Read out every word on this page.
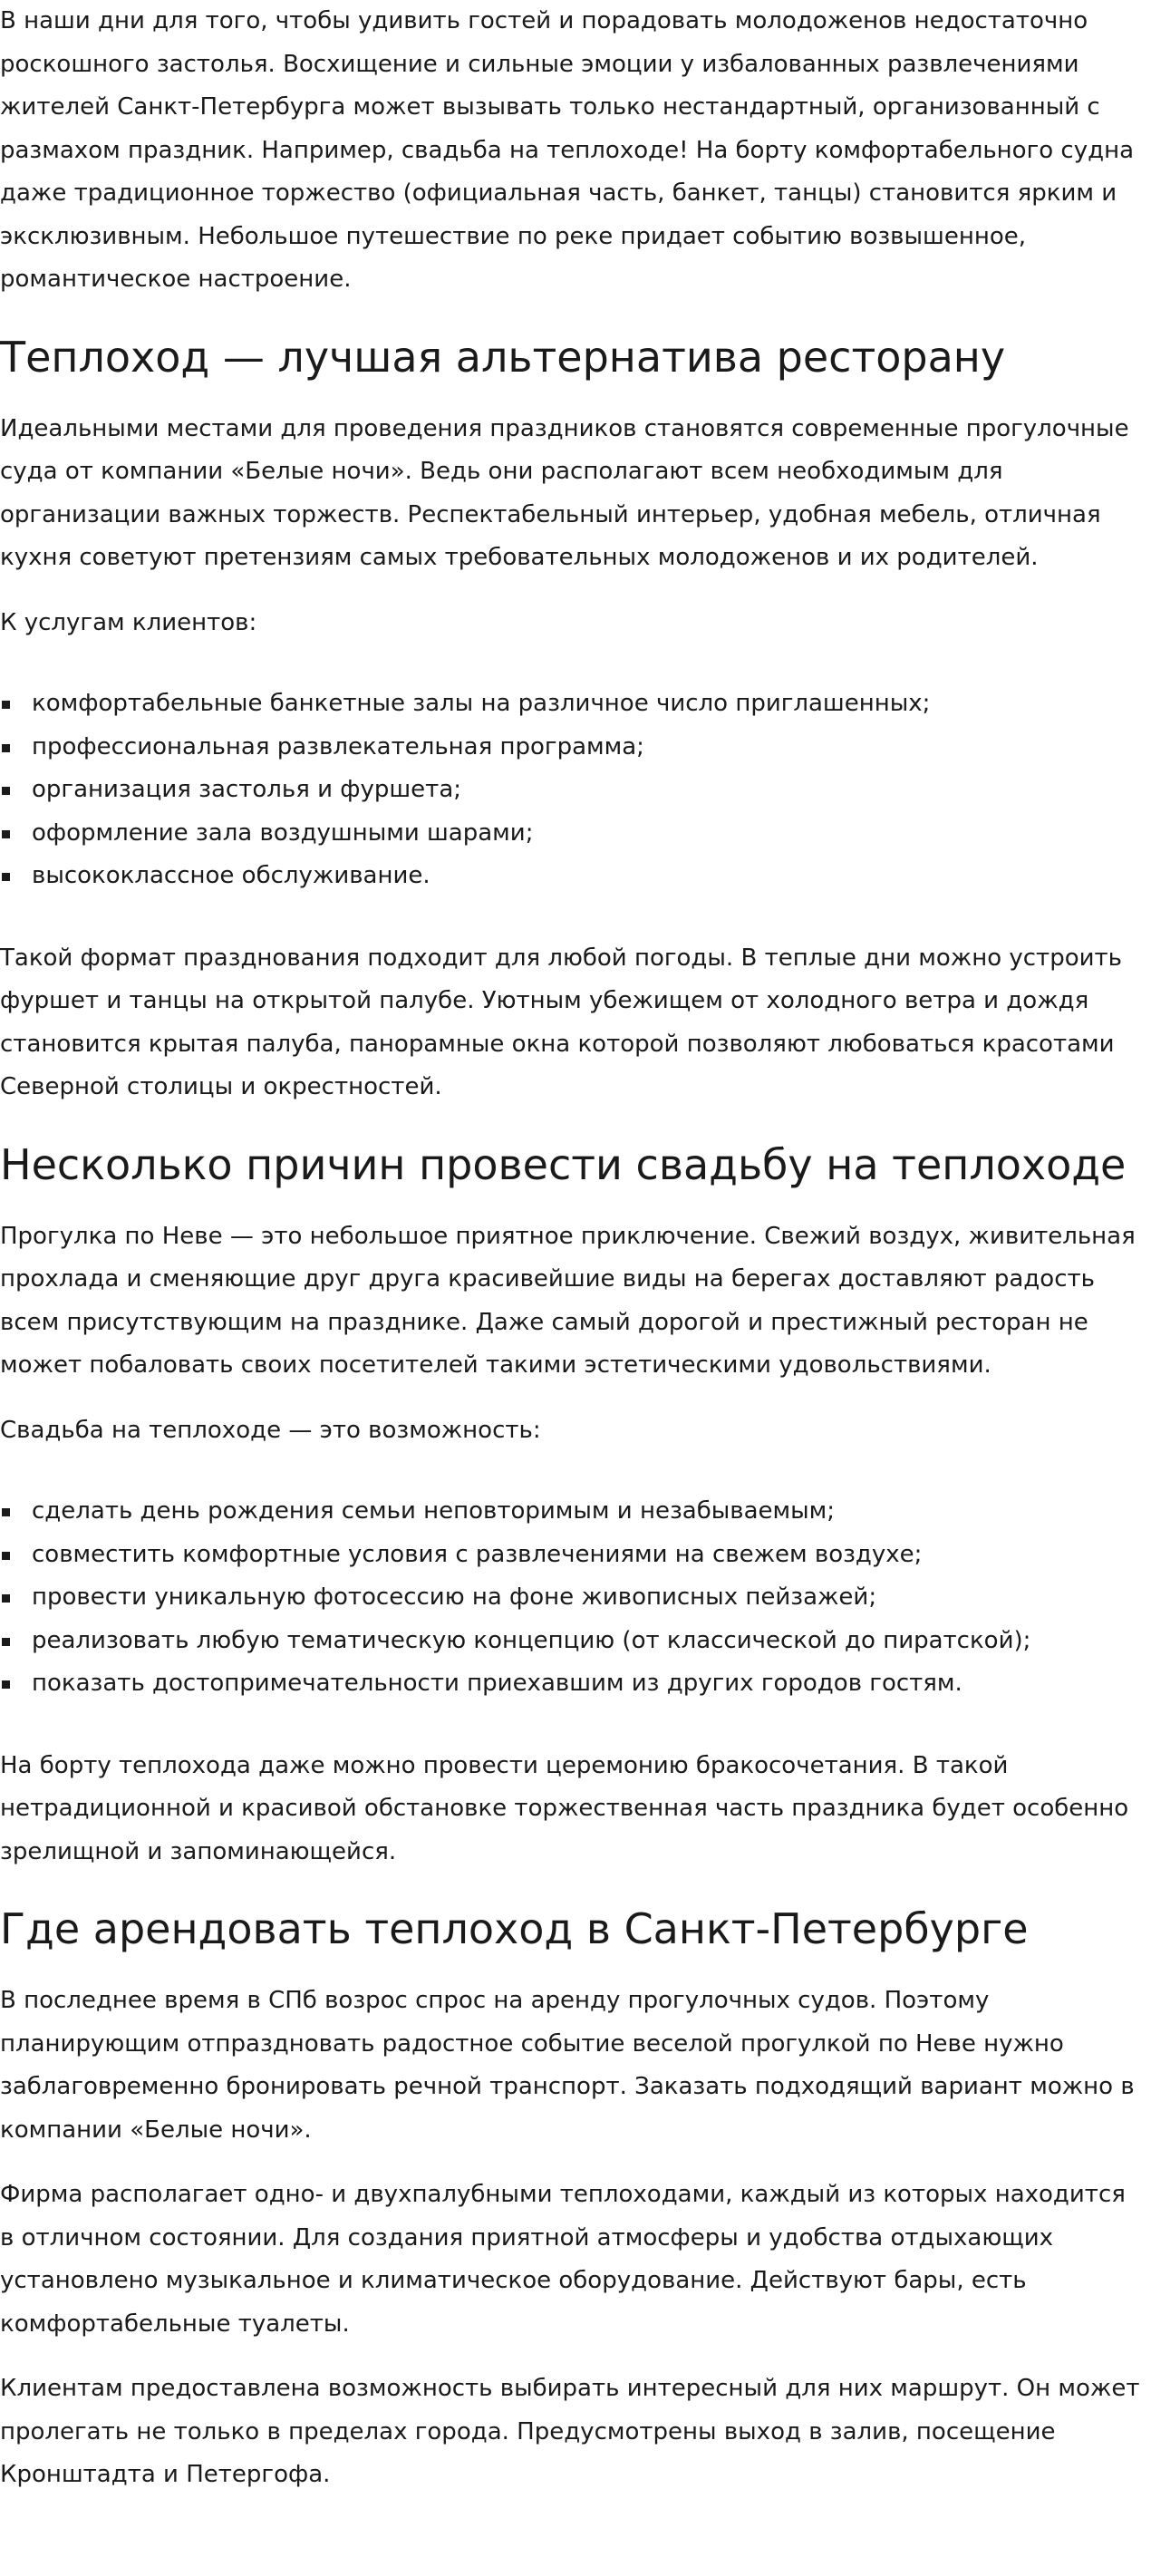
В наши дни для того, чтобы удивить гостей и порадовать молодоженов недостаточно роскошного застолья. Восхищение и сильные эмоции у избалованных развлечениями жителей Санкт-Петербурга может вызывать только нестандартный, организованный с размахом праздник. Например, свадьба на теплоходе! На борту комфортабельного судна даже традиционное торжество (официальная часть, банкет, танцы) становится ярким и эксклюзивным. Небольшое путешествие по реке придает событию возвышенное, романтическое настроение.

Теплоход — лучшая альтернатива ресторану

Идеальными местами для проведения праздников становятся современные прогулочные суда от компании «Белые ночи». Ведь они располагают всем необходимым для организации важных торжеств. Респектабельный интерьер, удобная мебель, отличная кухня советуют претензиям самых требовательных молодоженов и их родителей.

К услугам клиентов:

комфортабельные банкетные залы на различное число приглашенных;
профессиональная развлекательная программа;
организация застолья и фуршета;
оформление зала воздушными шарами;
высококлассное обслуживание.

Такой формат празднования подходит для любой погоды. В теплые дни можно устроить фуршет и танцы на открытой палубе. Уютным убежищем от холодного ветра и дождя становится крытая палуба, панорамные окна которой позволяют любоваться красотами Северной столицы и окрестностей.

Несколько причин провести свадьбу на теплоходе

Прогулка по Неве — это небольшое приятное приключение. Свежий воздух, живительная прохлада и сменяющие друг друга красивейшие виды на берегах доставляют радость всем присутствующим на празднике. Даже самый дорогой и престижный ресторан не может побаловать своих посетителей такими эстетическими удовольствиями.

Свадьба на теплоходе — это возможность:

сделать день рождения семьи неповторимым и незабываемым;
совместить комфортные условия с развлечениями на свежем воздухе;
провести уникальную фотосессию на фоне живописных пейзажей;
реализовать любую тематическую концепцию (от классической до пиратской);
показать достопримечательности приехавшим из других городов гостям.

На борту теплохода даже можно провести церемонию бракосочетания. В такой нетрадиционной и красивой обстановке торжественная часть праздника будет особенно зрелищной и запоминающейся.

Где арендовать теплоход в Санкт-Петербурге

В последнее время в СПб возрос спрос на аренду прогулочных судов. Поэтому планирующим отпраздновать радостное событие веселой прогулкой по Неве нужно заблаговременно бронировать речной транспорт. Заказать подходящий вариант можно в компании «Белые ночи».

Фирма располагает одно- и двухпалубными теплоходами, каждый из которых находится в отличном состоянии. Для создания приятной атмосферы и удобства отдыхающих установлено музыкальное и климатическое оборудование. Действуют бары, есть комфортабельные туалеты.

Клиентам предоставлена возможность выбирать интересный для них маршрут. Он может пролегать не только в пределах города. Предусмотрены выход в залив, посещение Кронштадта и Петергофа.
